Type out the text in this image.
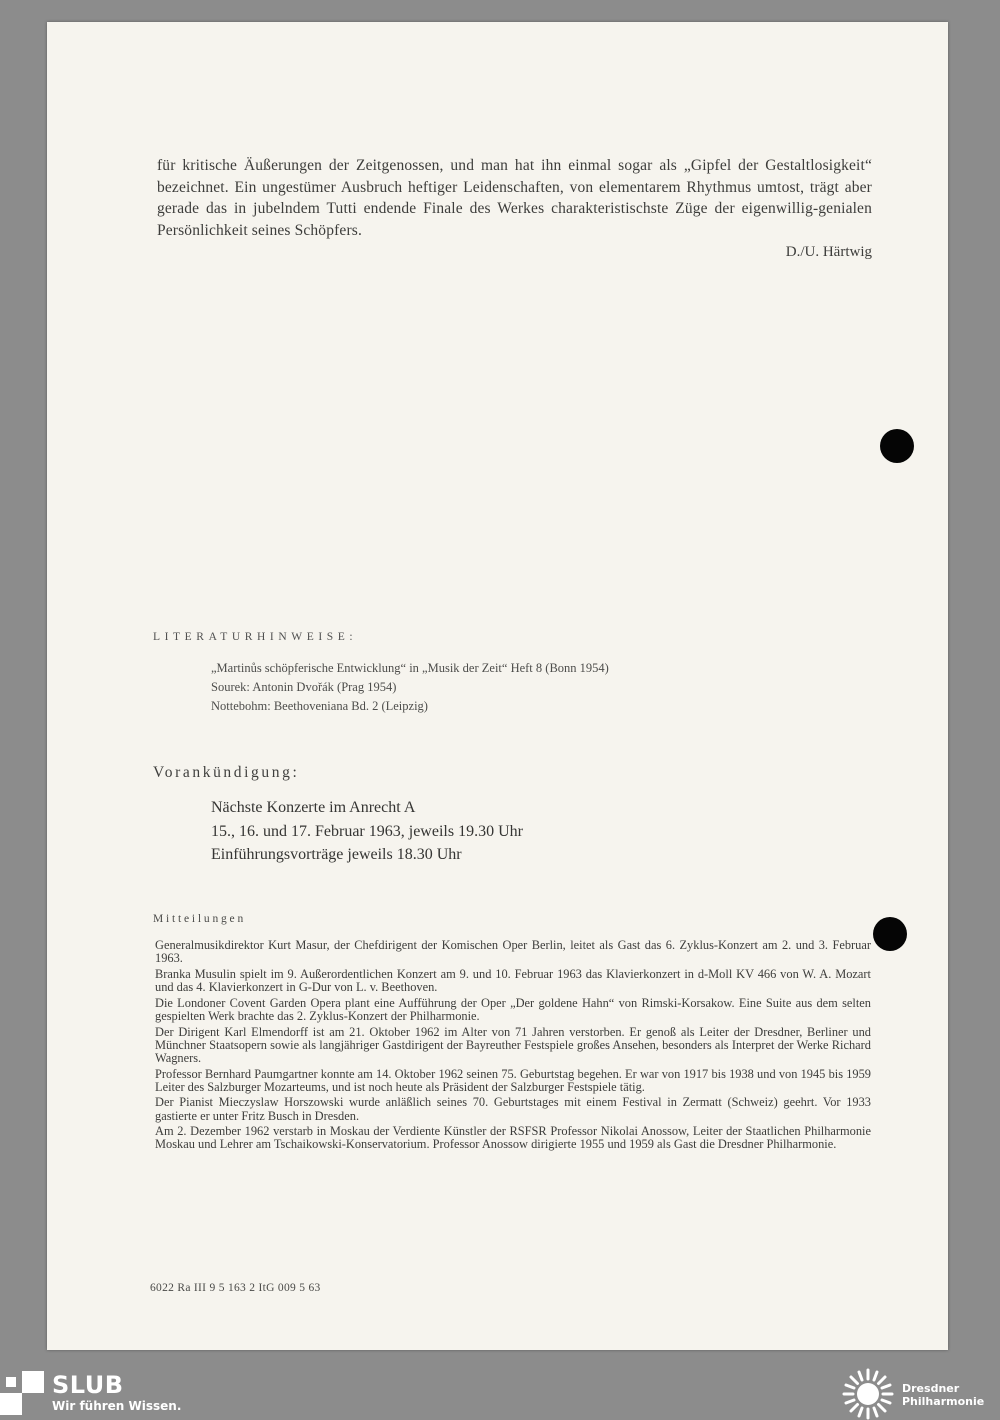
für kritische Äußerungen der Zeitgenossen, und man hat ihn einmal sogar als „Gipfel der Gestaltlosigkeit“ bezeichnet. Ein ungestümer Ausbruch heftiger Leidenschaften, von elementarem Rhythmus umtost, trägt aber gerade das in jubelndem Tutti endende Finale des Werkes charakteristischste Züge der eigenwillig-genialen Persönlichkeit seines Schöpfers.
D./U. Härtwig
LITERATURHINWEISE:
„Martinůs schöpferische Entwicklung“ in „Musik der Zeit“ Heft 8 (Bonn 1954)
Sourek: Antonin Dvořák (Prag 1954)
Nottebohm: Beethoveniana Bd. 2 (Leipzig)
Vorankündigung:
Nächste Konzerte im Anrecht A
15., 16. und 17. Februar 1963, jeweils 19.30 Uhr
Einführungsvorträge jeweils 18.30 Uhr
Mitteilungen

Generalmusikdirektor Kurt Masur, der Chefdirigent der Komischen Oper Berlin, leitet als Gast das 6. Zyklus-Konzert am 2. und 3. Februar 1963.

Branka Musulin spielt im 9. Außerordentlichen Konzert am 9. und 10. Februar 1963 das Klavierkonzert in d-Moll KV 466 von W. A. Mozart und das 4. Klavierkonzert in G-Dur von L. v. Beethoven.

Die Londoner Covent Garden Opera plant eine Aufführung der Oper „Der goldene Hahn“ von Rimski-Korsakow. Eine Suite aus dem selten gespielten Werk brachte das 2. Zyklus-Konzert der Philharmonie.

Der Dirigent Karl Elmendorff ist am 21. Oktober 1962 im Alter von 71 Jahren verstorben. Er genoß als Leiter der Dresdner, Berliner und Münchner Staatsopern sowie als langjähriger Gastdirigent der Bayreuther Festspiele großes Ansehen, besonders als Interpret der Werke Richard Wagners.

Professor Bernhard Paumgartner konnte am 14. Oktober 1962 seinen 75. Geburtstag begehen. Er war von 1917 bis 1938 und von 1945 bis 1959 Leiter des Salzburger Mozarteums, und ist noch heute als Präsident der Salzburger Festspiele tätig.

Der Pianist Mieczyslaw Horszowski wurde anläßlich seines 70. Geburtstages mit einem Festival in Zermatt (Schweiz) geehrt. Vor 1933 gastierte er unter Fritz Busch in Dresden.

Am 2. Dezember 1962 verstarb in Moskau der Verdiente Künstler der RSFSR Professor Nikolai Anossow, Leiter der Staatlichen Philharmonie Moskau und Lehrer am Tschaikowski-Konservatorium. Professor Anossow dirigierte 1955 und 1959 als Gast die Dresdner Philharmonie.

6022 Ra III 9 5 163 2 ItG 009 5 63
SLUB
Wir führen Wissen.
Dresdner
Philharmonie
